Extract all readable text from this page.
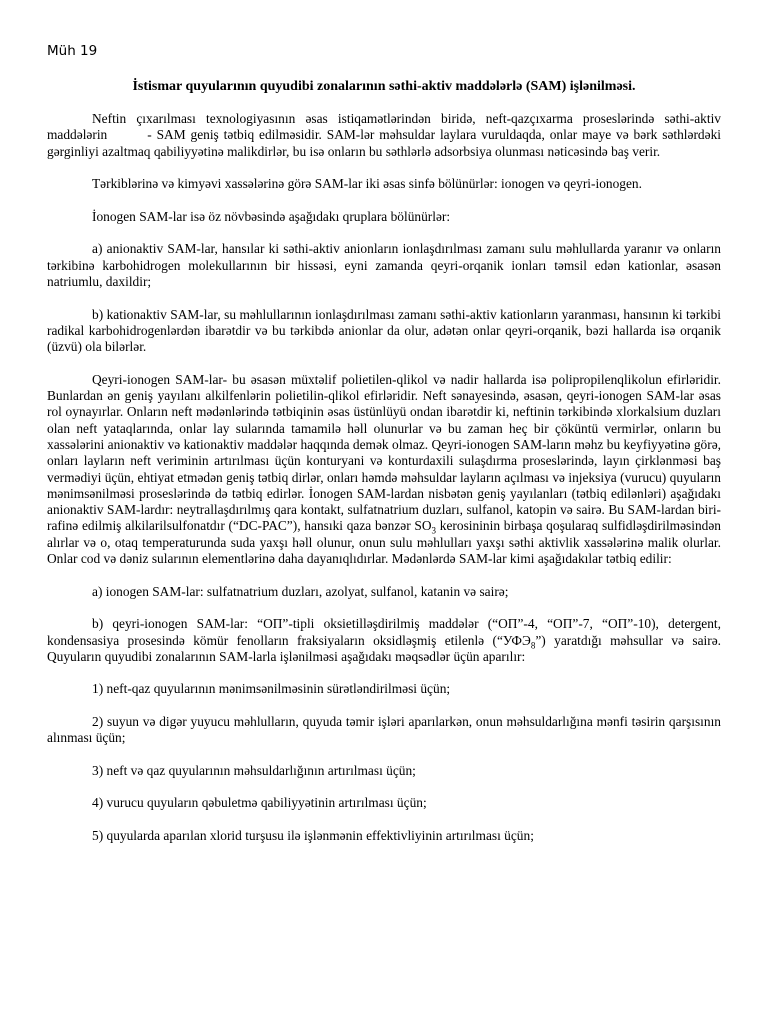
Müh 19
İstismar quyularının quyudibi zonalarının səthi-aktiv maddələrlə (SAM) işlənilməsi.

Neftin çıxarılması texnologiyasının əsas istiqamətlərindən biridə, neft-qazçıxarma proseslərində səthi-aktiv maddələrin	- SAM geniş tətbiq edilməsidir. SAM-lər məhsuldar laylara vuruldaqda, onlar maye və bərk səthlərdəki gərginliyi azaltmaq qabiliyyətinə malikdirlər, bu isə onların bu səthlərlə adsorbsiya olunması nəticəsində baş verir.

Tərkiblərinə və kimyəvi xassələrinə görə SAM-lar iki əsas sinfə bölünürlər: ionogen və qeyri-ionogen.

İonogen SAM-lar isə öz növbəsində aşağıdakı qruplara bölünürlər:

a) anionaktiv SAM-lar, hansılar ki səthi-aktiv anionların ionlaşdırılması zamanı sulu məhlullarda yaranır və onların tərkibinə karbohidrogen molekullarının bir hissəsi, eyni zamanda qeyri-orqanik ionları təmsil edən kationlar, əsasən natriumlu, daxildir;

b) kationaktiv SAM-lar, su məhlullarının ionlaşdırılması zamanı səthi-aktiv kationların yaranması, hansının ki tərkibi radikal karbohidrogenlərdən ibarətdir və bu tərkibdə anionlar da olur, adətən onlar qeyri-orqanik, bəzi hallarda isə orqanik (üzvü) ola bilərlər.

Qeyri-ionogen SAM-lar- bu əsasən müxtəlif polietilen-qlikol və nadir hallarda isə polipropilenqlikolun efirləridir. Bunlardan ən geniş yayılanı alkilfenlərin polietilin-qlikol efirləridir. Neft sənayesində, əsasən, qeyri-ionogen SAM-lar əsas rol oynayırlar. Onların neft mədənlərində tətbiqinin əsas üstünlüyü ondan ibarətdir ki, neftinin tərkibində xlorkalsium duzları olan neft yataqlarında, onlar lay sularında tamamilə həll olunurlar və bu zaman heç bir çöküntü vermirlər, onların bu xassələrini anionaktiv və kationaktiv maddələr haqqında demək olmaz. Qeyri-ionogen SAM-ların məhz bu keyfiyyətinə görə, onları layların neft veriminin artırılması üçün konturyani və konturdaxili sulaşdırma proseslərində, layın çirklənməsi baş vermədiyi üçün, ehtiyat etmədən geniş tətbiq dirlər, onları həmdə məhsuldar layların açılması və injeksiya (vurucu) quyuların mənimsənilməsi proseslərində də tətbiq edirlər. İonogen SAM-lardan nisbətən geniş yayılanları (tətbiq edilənləri) aşağıdakı anionaktiv SAM-lardır: neytrallaşdırılmış qara kontakt, sulfatnatrium duzları, sulfanol, katopin və sairə. Bu SAM-lardan biri- rafinə edilmiş alkilarilsulfonatdır (“DC-PAC”), hansıki qaza bənzər $SO_3$ kerosininin birbaşa qoşularaq sulfidləşdirilməsindən alırlar və o, otaq temperaturunda suda yaxşı həll olunur, onun sulu məhlulları yaxşı səthi aktivlik xassələrinə malik olurlar. Onlar cod və dəniz sularının elementlərinə daha dayanıqlıdırlar. Mədənlərdə SAM-lar kimi aşağıdakılar tətbiq edilir:

a) ionogen SAM-lar: sulfatnatrium duzları, azolyat, sulfanol, katanin və sairə;

b) qeyri-ionogen SAM-lar: “ОП”-tipli oksietilləşdirilmiş maddələr (“ОП”-4, “ОП”-7, “ОП”-10), detergent, kondensasiya prosesində kömür fenolların fraksiyaların oksidləşmiş etilenlə $(“УФЭ_8”)$ yaratdığı məhsullar və sairə. Quyuların quyudibi zonalarının SAM-larla işlənilməsi aşağıdakı məqsədlər üçün aparılır:

1) neft-qaz quyularının mənimsənilməsinin sürətləndirilməsi üçün;

2) suyun və digər yuyucu məhlulların, quyuda təmir işləri aparılarkən, onun məhsuldarlığına mənfi təsirin qarşısının alınması üçün;

3) neft və qaz quyularının məhsuldarlığının artırılması üçün;

4) vurucu quyuların qəbuletmə qabiliyyətinin artırılması üçün;

5) quyularda aparılan xlorid turşusu ilə işlənmənin effektivliyinin artırılması üçün;
